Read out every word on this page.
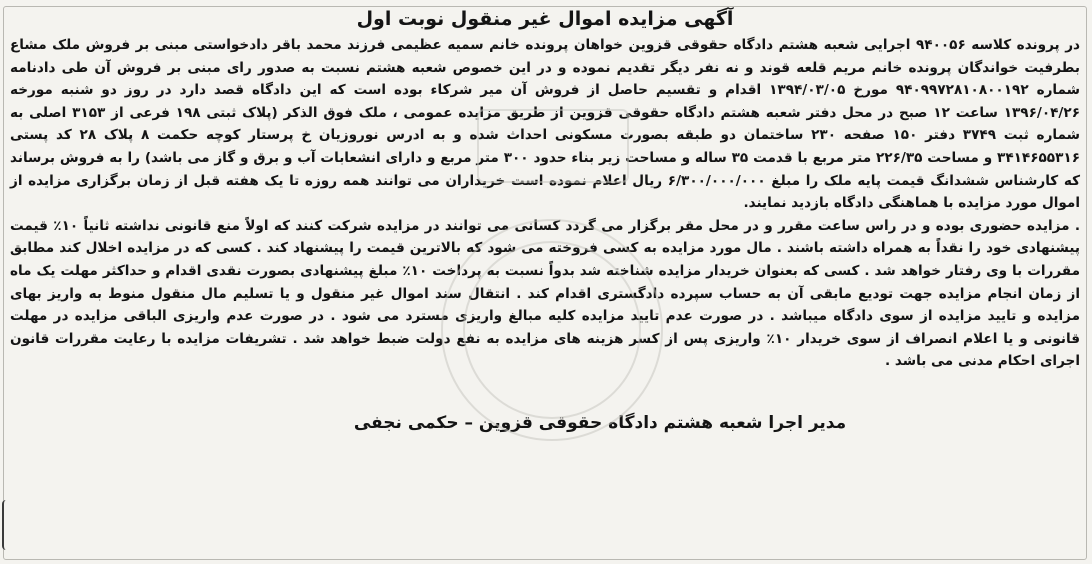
آگهی مزایده اموال غیر منقول نوبت اول
در پرونده کلاسه ۹۴۰۰۵۶ اجرایی شعبه هشتم دادگاه حقوقی قزوین خواهان پرونده خانم سمیه عظیمی فرزند محمد باقر دادخواستی مبنی بر فروش ملک مشاع بطرفیت خواندگان پرونده خانم مریم قلعه قوند و نه نفر دیگر تقدیم نموده و در این خصوص شعبه هشتم نسبت به صدور رای مبنی بر فروش آن طی دادنامه شماره ۹۴۰۹۹۷۲۸۱۰۸۰۰۱۹۲ مورخ ۱۳۹۴/۰۳/۰۵ اقدام و تقسیم حاصل از فروش آن میر شرکاء بوده است که این دادگاه قصد دارد در روز دو شنبه مورخه ۱۳۹۶/۰۴/۲۶ ساعت ۱۲ صبح در محل دفتر شعبه هشتم دادگاه حقوقی قزوین از طریق مزایده عمومی ، ملک فوق الذکر (پلاک ثبتی ۱۹۸ فرعی از ۳۱۵۳ اصلی به شماره ثبت ۳۷۴۹ دفتر ۱۵۰ صفحه ۲۳۰ ساختمان دو طبقه بصورت مسکونی احداث شده و به ادرس نوروزیان خ پرستار کوچه حکمت ۸ پلاک ۲۸ کد پستی ۳۴۱۴۶۵۵۳۱۶ و مساحت ۲۲۶/۳۵ متر مربع با قدمت ۳۵ ساله و مساحت زیر بناء حدود ۳۰۰ متر مربع و دارای انشعابات آب و برق و گاز می باشد) را به فروش برساند که کارشناس ششدانگ قیمت پایه ملک را مبلغ ۶/۳۰۰/۰۰۰/۰۰۰ ریال اعلام نموده است خریداران می توانند همه روزه تا یک هفته قبل از زمان برگزاری مزایده از اموال مورد مزایده با هماهنگی دادگاه بازدید نمایند.
. مزایده حضوری بوده و در راس ساعت مقرر و در محل مقر برگزار می گردد کسانی می توانند در مزایده شرکت کنند که اولاً منع قانونی نداشته ثانیاً ۱۰٪ قیمت پیشنهادی خود را نقداً به همراه داشته باشند . مال مورد مزایده به کسی فروخته می شود که بالاترین قیمت را پیشنهاد کند . کسی که در مزایده اخلال کند مطابق مقررات با وی رفتار خواهد شد . کسی که بعنوان خریدار مزایده شناخته شد بدواً نسبت به پرداخت ۱۰٪ مبلغ پیشنهادی بصورت نقدی اقدام و حداکثر مهلت یک ماه از زمان انجام مزایده جهت تودیع مابقی آن به حساب سپرده دادگستری اقدام کند . انتقال سند اموال غیر منقول و یا تسلیم مال منقول منوط به واریز بهای مزایده و تایید مزایده از سوی دادگاه میباشد . در صورت عدم تایید مزایده کلیه مبالغ واریزی مسترد می شود . در صورت عدم واریزی الباقی مزایده در مهلت قانونی و یا اعلام انصراف از سوی خریدار ۱۰٪ واریزی پس از کسر هزینه های مزایده به نفع دولت ضبط خواهد شد . تشریفات مزایده با رعایت مقررات قانون اجرای احکام مدنی می باشد .
مدیر اجرا شعبه هشتم دادگاه حقوقی قزوین – حکمی نجفی
